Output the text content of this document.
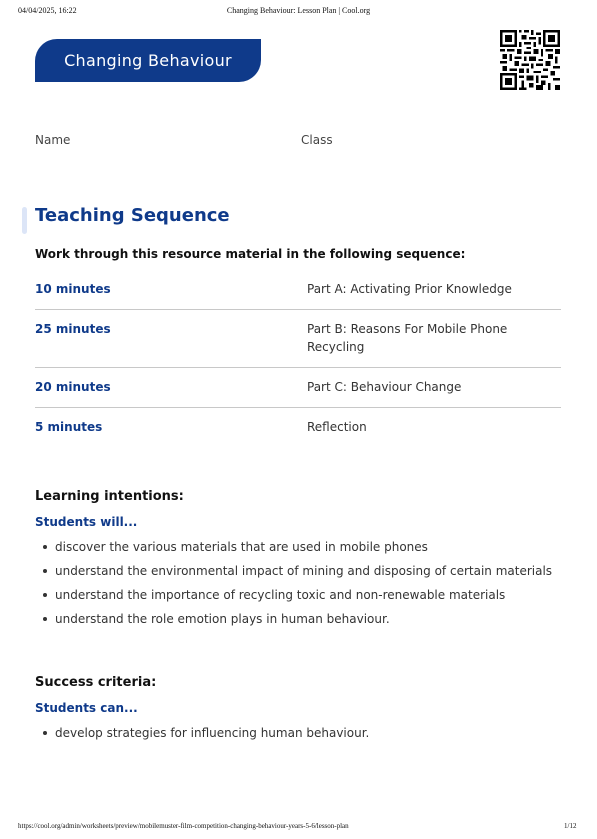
04/04/2025, 16:22	Changing Behaviour: Lesson Plan | Cool.org
Changing Behaviour
Name	Class
Teaching Sequence
Work through this resource material in the following sequence:
10 minutes	Part A: Activating Prior Knowledge
25 minutes	Part B: Reasons For Mobile Phone Recycling
20 minutes	Part C: Behaviour Change
5 minutes	Reflection
Learning intentions:
Students will...
discover the various materials that are used in mobile phones
understand the environmental impact of mining and disposing of certain materials
understand the importance of recycling toxic and non-renewable materials
understand the role emotion plays in human behaviour.
Success criteria:
Students can...
develop strategies for influencing human behaviour.
https://cool.org/admin/worksheets/preview/mobilemuster-film-competition-changing-behaviour-years-5-6/lesson-plan	1/12
